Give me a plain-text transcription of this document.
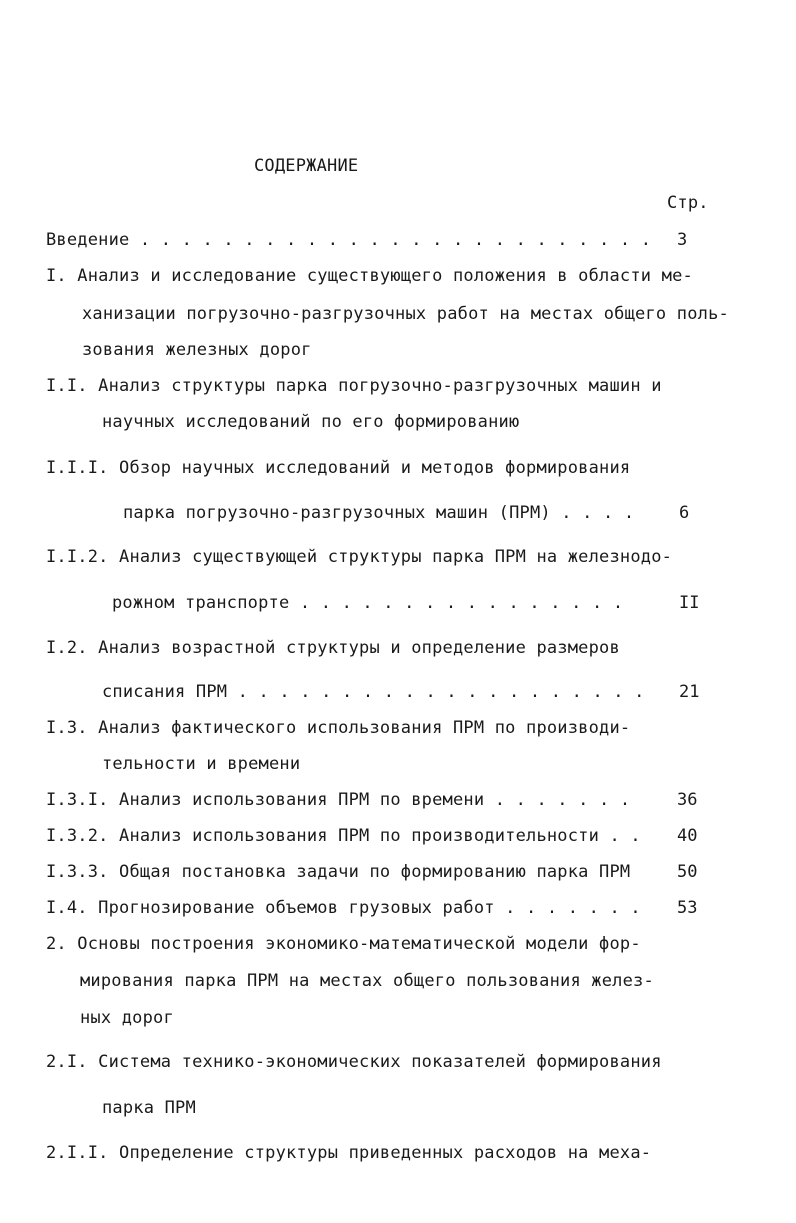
СОДЕРЖАНИЕ
Стр.
Введение . . . . . . . . . . . . . . . . . . . . . . . . . 3
I. Анализ и исследование существующего положения в области ме-
ханизации погрузочно-разгрузочных работ на местах общего поль-
зования железных дорог
I.I. Анализ структуры парка погрузочно-разгрузочных машин и
научных исследований по его формированию
I.I.I. Обзор научных исследований и методов формирования
парка погрузочно-разгрузочных машин (ПРМ) . . . .	6
I.I.2. Анализ существующей структуры парка ПРМ на железнодо-
рожном транспорте . . . . . . . . . . . . . . . .	II
I.2. Анализ возрастной структуры и определение размеров
списания ПРМ . . . . . . . . . . . . . . . . . . . . 21
I.3. Анализ фактического использования ПРМ по производи-
тельности и времени
I.3.I. Анализ использования ПРМ по времени . . . . . . .	36
I.3.2. Анализ использования ПРМ по производительности . . 40
I.3.3. Общая постановка задачи по формированию парка ПРМ	50
I.4. Прогнозирование объемов грузовых работ . . . . . . . 53
2. Основы построения экономико-математической модели фор-
мирования парка ПРМ на местах общего пользования желез-
ных дорог
2.I. Система технико-экономических показателей формирования
парка ПРМ
2.I.I. Определение структуры приведенных расходов на меха-
